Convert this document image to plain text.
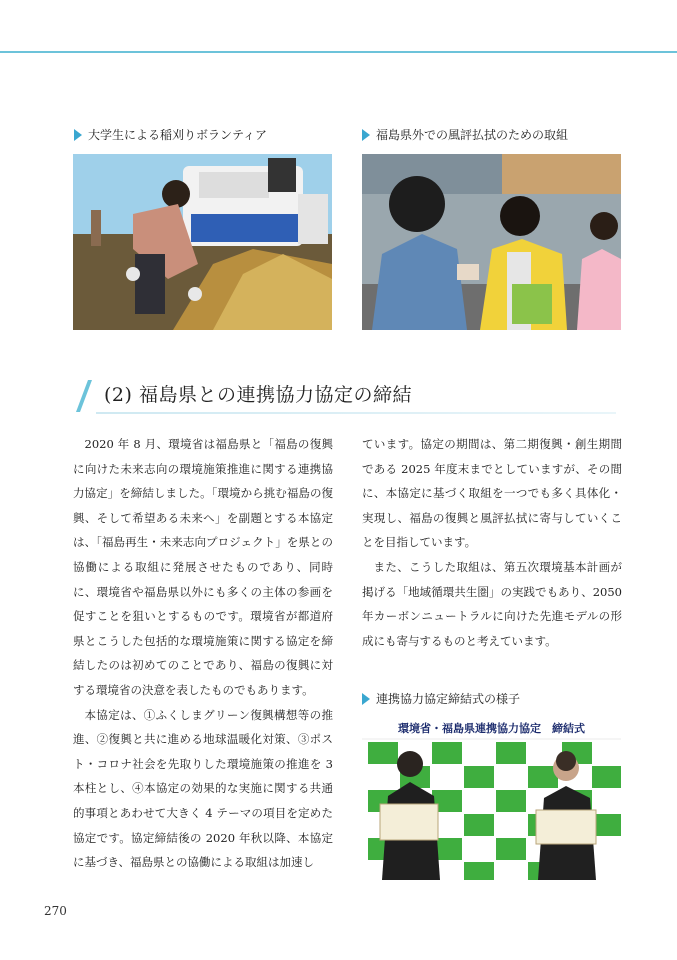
大学生による稲刈りボランティア	福島県外での風評払拭のための取組
(2) 福島県との連携協力協定の締結

2020 年 8 月、環境省は福島県と「福島の復興に向けた未来志向の環境施策推進に関する連携協力協定」を締結しました。「環境から挑む福島の復興、そして希望ある未来へ」を副題とする本協定は、「福島再生・未来志向プロジェクト」を県との協働による取組に発展させたものであり、同時に、環境省や福島県以外にも多くの主体の参画を促すことを狙いとするものです。環境省が都道府県とこうした包括的な環境施策に関する協定を締結したのは初めてのことであり、福島の復興に対する環境省の決意を表したものでもあります。

本協定は、①ふくしまグリーン復興構想等の推進、②復興と共に進める地球温暖化対策、③ポスト・コロナ社会を先取りした環境施策の推進を 3 本柱とし、④本協定の効果的な実施に関する共通的事項とあわせて大きく 4 テーマの項目を定めた協定です。協定締結後の 2020 年秋以降、本協定に基づき、福島県との協働による取組は加速し

ています。協定の期間は、第二期復興・創生期間である 2025 年度末までとしていますが、その間に、本協定に基づく取組を一つでも多く具体化・実現し、福島の復興と風評払拭に寄与していくことを目指しています。

また、こうした取組は、第五次環境基本計画が掲げる「地域循環共生圏」の実践でもあり、2050 年カーボンニュートラルに向けた先進モデルの形成にも寄与するものと考えています。

連携協力協定締結式の様子
環境省・福島県連携協力協定　締結式
270
